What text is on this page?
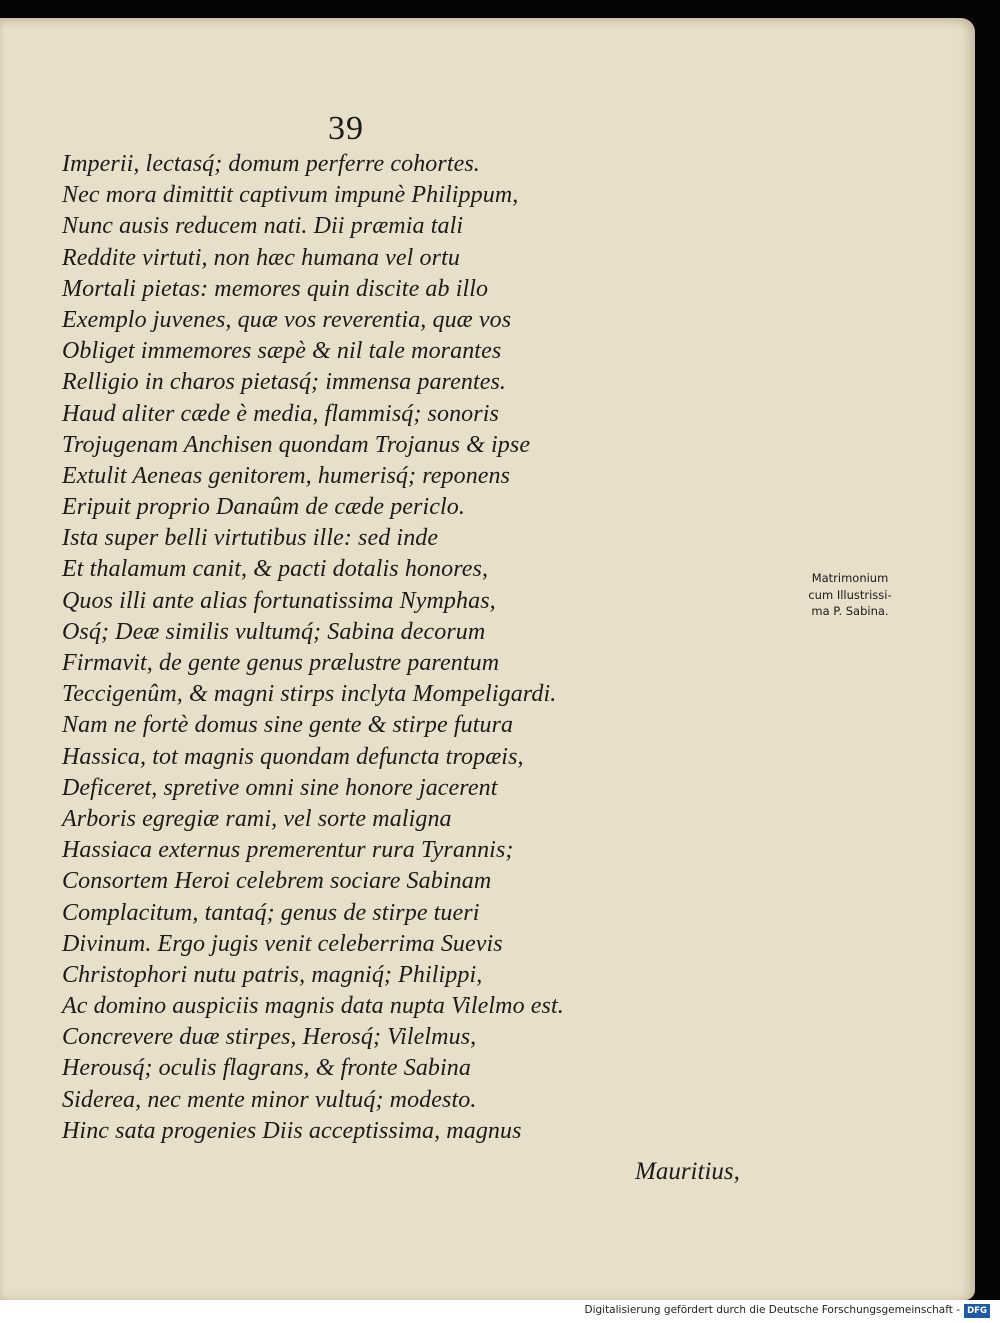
39
Imperii, lectasq́; domum perferre cohortes.
Nec mora dimittit captivum impunè Philippum,
Nunc ausis reducem nati. Dii præmia tali
Reddite virtuti, non hæc humana vel ortu
Mortali pietas: memores quin discite ab illo
Exemplo juvenes, quæ vos reverentia, quæ vos
Obliget immemores sæpè & nil tale morantes
Relligio in charos pietasq́; immensa parentes.
Haud aliter cæde è media, flammisq́; sonoris
Trojugenam Anchisen quondam Trojanus & ipse
Extulit Aeneas genitorem, humerisq́; reponens
Eripuit proprio Danaûm de cæde periclo.
Ista super belli virtutibus ille: sed inde
Et thalamum canit, & pacti dotalis honores,
Quos illi ante alias fortunatissima Nymphas,
Osq́; Deæ similis vultumq́; Sabina decorum
Firmavit, de gente genus prælustre parentum
Teccigenûm, & magni stirps inclyta Mompeligardi.
Nam ne fortè domus sine gente & stirpe futura
Hassica, tot magnis quondam defuncta tropæis,
Deficeret, spretive omni sine honore jacerent
Arboris egregiæ rami, vel sorte maligna
Hassiaca externus premerentur rura Tyrannis;
Consortem Heroi celebrem sociare Sabinam
Complacitum, tantaq́; genus de stirpe tueri
Divinum. Ergo jugis venit celeberrima Suevis
Christophori nutu patris, magniq́; Philippi,
Ac domino auspiciis magnis data nupta Vilelmo est.
Concrevere duæ stirpes, Herosq́; Vilelmus,
Herousq́; oculis flagrans, & fronte Sabina
Siderea, nec mente minor vultuq́; modesto.
Hinc sata progenies Diis acceptissima, magnus
Matrimonium
cum Illustrissi-
ma P. Sabina.
Mauritius,
Digitalisierung gefördert durch die Deutsche Forschungsgemeinschaft - DFG
